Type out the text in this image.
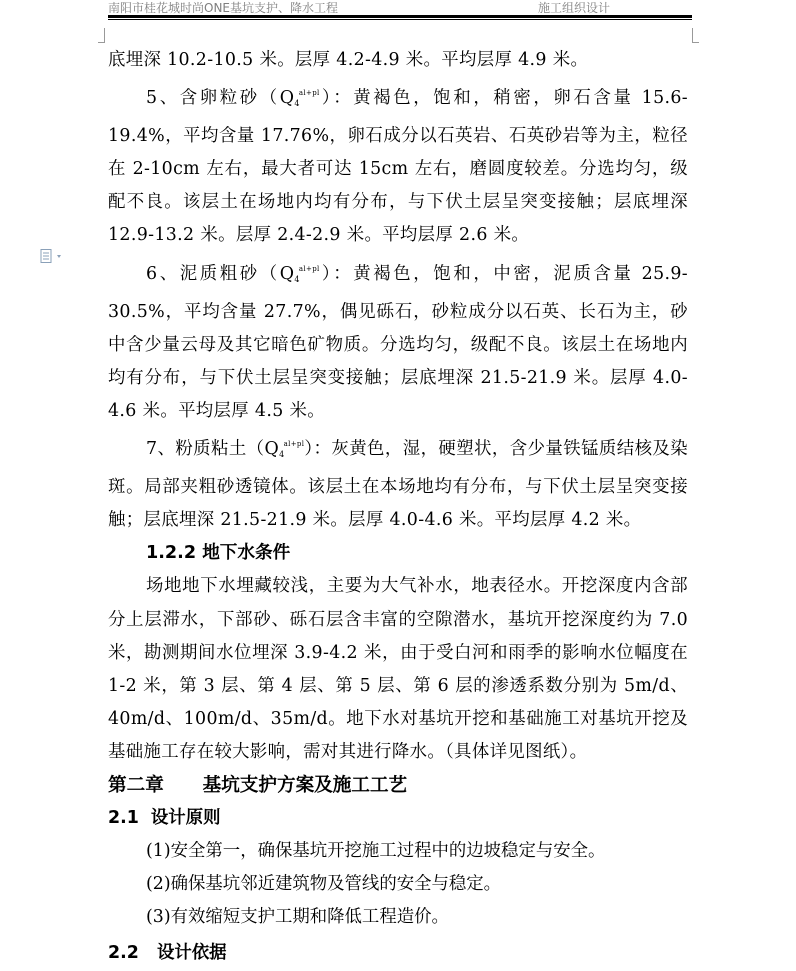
南阳市桂花城时尚ONE基坑支护、降水工程	施工组织设计

底埋深 10.2-10.5 米。层厚 4.2-4.9 米。平均层厚 4.9 米。

5、含卵粒砂$(Q_4^{al+pl})$：黄褐色，饱和，稍密，卵石含量 15.6-19.4%，平均含量 17.76%，卵石成分以石英岩、石英砂岩等为主，粒径在 2-10cm 左右，最大者可达 15cm 左右，磨圆度较差。分选均匀，级配不良。该层土在场地内均有分布，与下伏土层呈突变接触；层底埋深 12.9-13.2 米。层厚 2.4-2.9 米。平均层厚 2.6 米。

6、泥质粗砂$(Q_4^{al+pl})$：黄褐色，饱和，中密，泥质含量 25.9-30.5%，平均含量 27.7%，偶见砾石，砂粒成分以石英、长石为主，砂中含少量云母及其它暗色矿物质。分选均匀，级配不良。该层土在场地内均有分布，与下伏土层呈突变接触；层底埋深 21.5-21.9 米。层厚 4.0-4.6 米。平均层厚 4.5 米。

7、粉质粘土$(Q_4^{al+pl})$：灰黄色，湿，硬塑状，含少量铁锰质结核及染斑。局部夹粗砂透镜体。该层土在本场地均有分布，与下伏土层呈突变接触；层底埋深 21.5-21.9 米。层厚 4.0-4.6 米。平均层厚 4.2 米。

1.2.2 地下水条件

场地地下水埋藏较浅，主要为大气补水，地表径水。开挖深度内含部分上层滞水，下部砂、砾石层含丰富的空隙潜水，基坑开挖深度约为 7.0 米，勘测期间水位埋深 3.9-4.2 米，由于受白河和雨季的影响水位幅度在 1-2 米，第 3 层、第 4 层、第 5 层、第 6 层的渗透系数分别为 5m/d、40m/d、100m/d、35m/d。地下水对基坑开挖和基础施工对基坑开挖及基础施工存在较大影响，需对其进行降水。（具体详见图纸）。

第二章      基坑支护方案及施工工艺

2.1  设计原则

(1)安全第一，确保基坑开挖施工过程中的边坡稳定与安全。

(2)确保基坑邻近建筑物及管线的安全与稳定。

(3)有效缩短支护工期和降低工程造价。

2.2   设计依据
